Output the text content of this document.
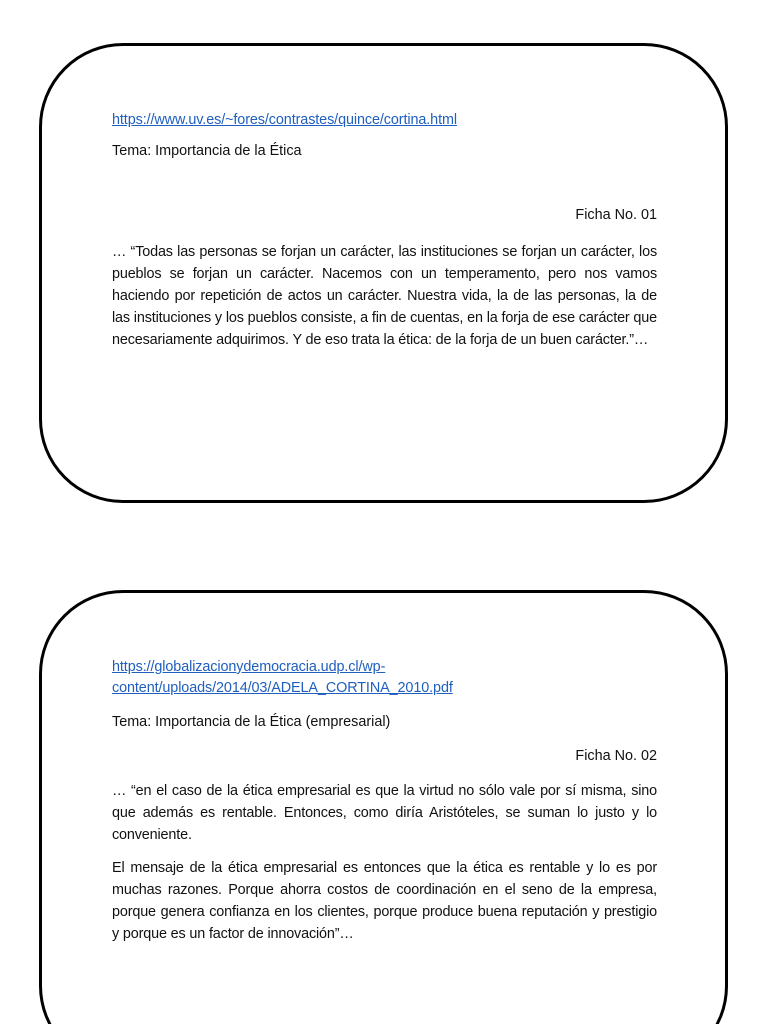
https://www.uv.es/~fores/contrastes/quince/cortina.html

Tema: Importancia de la Ética

Ficha No. 01

… “Todas las personas se forjan un carácter, las instituciones se forjan un carácter, los pueblos se forjan un carácter. Nacemos con un temperamento, pero nos vamos haciendo por repetición de actos un carácter. Nuestra vida, la de las personas, la de las instituciones y los pueblos consiste, a fin de cuentas, en la forja de ese carácter que necesariamente adquirimos. Y de eso trata la ética: de la forja de un buen carácter.”…

https://globalizacionydemocracia.udp.cl/wp-
content/uploads/2014/03/ADELA_CORTINA_2010.pdf

Tema: Importancia de la Ética (empresarial)

Ficha No. 02

… “en el caso de la ética empresarial es que la virtud no sólo vale por sí misma, sino que además es rentable. Entonces, como diría Aristóteles, se suman lo justo y lo conveniente.

El mensaje de la ética empresarial es entonces que la ética es rentable y lo es por muchas razones. Porque ahorra costos de coordinación en el seno de la empresa, porque genera confianza en los clientes, porque produce buena reputación y prestigio y porque es un factor de innovación”…
